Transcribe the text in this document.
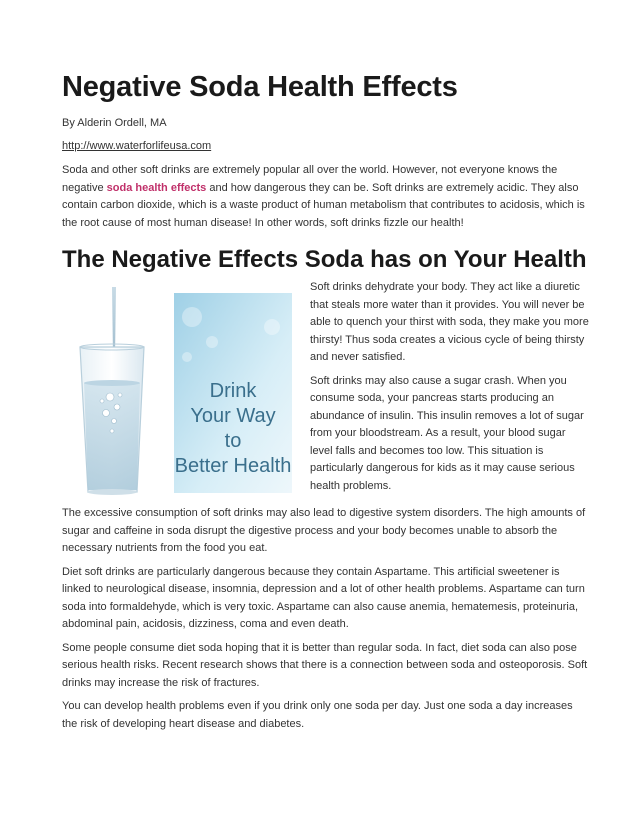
Negative Soda Health Effects
By Alderin Ordell, MA
http://www.waterforlifeusa.com

Soda and other soft drinks are extremely popular all over the world. However, not everyone knows the negative soda health effects and how dangerous they can be. Soft drinks are extremely acidic. They also contain carbon dioxide, which is a waste product of human metabolism that contributes to acidosis, which is the root cause of most human disease! In other words, soft drinks fizzle our health!

The Negative Effects Soda has on Your Health
Drink
Your Way
to
Better Health

Soft drinks dehydrate your body. They act like a diuretic that steals more water than it provides. You will never be able to quench your thirst with soda, they make you more thirsty! Thus soda creates a vicious cycle of being thirsty and never satisfied.

Soft drinks may also cause a sugar crash. When you consume soda, your pancreas starts producing an abundance of insulin. This insulin removes a lot of sugar from your bloodstream. As a result, your blood sugar level falls and becomes too low. This situation is particularly dangerous for kids as it may cause serious health problems.

The excessive consumption of soft drinks may also lead to digestive system disorders. The high amounts of sugar and caffeine in soda disrupt the digestive process and your body becomes unable to absorb the necessary nutrients from the food you eat.

Diet soft drinks are particularly dangerous because they contain Aspartame. This artificial sweetener is linked to neurological disease, insomnia, depression and a lot of other health problems. Aspartame can turn soda into formaldehyde, which is very toxic. Aspartame can also cause anemia, hematemesis, proteinuria, abdominal pain, acidosis, dizziness, coma and even death.

Some people consume diet soda hoping that it is better than regular soda. In fact, diet soda can also pose serious health risks. Recent research shows that there is a connection between soda and osteoporosis. Soft drinks may increase the risk of fractures.

You can develop health problems even if you drink only one soda per day. Just one soda a day increases the risk of developing heart disease and diabetes.
